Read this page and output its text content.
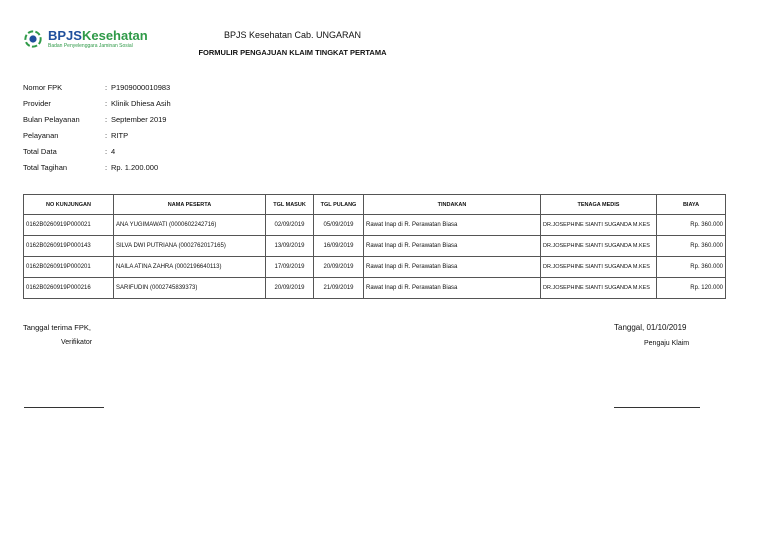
BPJSKesehatan
Badan Penyelenggara Jaminan Sosial
BPJS Kesehatan Cab. UNGARAN
FORMULIR PENGAJUAN KLAIM TINGKAT PERTAMA
Nomor FPK	: P1909000010983
Provider	: Klinik Dhiesa Asih
Bulan Pelayanan	: September 2019
Pelayanan	: RITP
Total Data	: 4
Total Tagihan	: Rp. 1.200.000
NO KUNJUNGAN	NAMA PESERTA	TGL MASUK	TGL PULANG	TINDAKAN	TENAGA MEDIS	BIAYA
0162B0260919P000021	ANA YUGIMAWATI (0000602242716)	02/09/2019	05/09/2019	Rawat Inap di R. Perawatan Biasa	DR.JOSEPHINE SIANTI SUGANDA M.KES	Rp. 360.000
0162B0260919P000143	SILVA DWI PUTRIANA (0002762017165)	13/09/2019	16/09/2019	Rawat Inap di R. Perawatan Biasa	DR.JOSEPHINE SIANTI SUGANDA M.KES	Rp. 360.000
0162B0260919P000201	NAILA ATINA ZAHRA (0002196640113)	17/09/2019	20/09/2019	Rawat Inap di R. Perawatan Biasa	DR.JOSEPHINE SIANTI SUGANDA M.KES	Rp. 360.000
0162B0260919P000216	SARIFUDIN (0002745839373)	20/09/2019	21/09/2019	Rawat Inap di R. Perawatan Biasa	DR.JOSEPHINE SIANTI SUGANDA M.KES	Rp. 120.000
Tanggal terima FPK,
Verifikator
Tanggal, 01/10/2019
Pengaju Klaim
